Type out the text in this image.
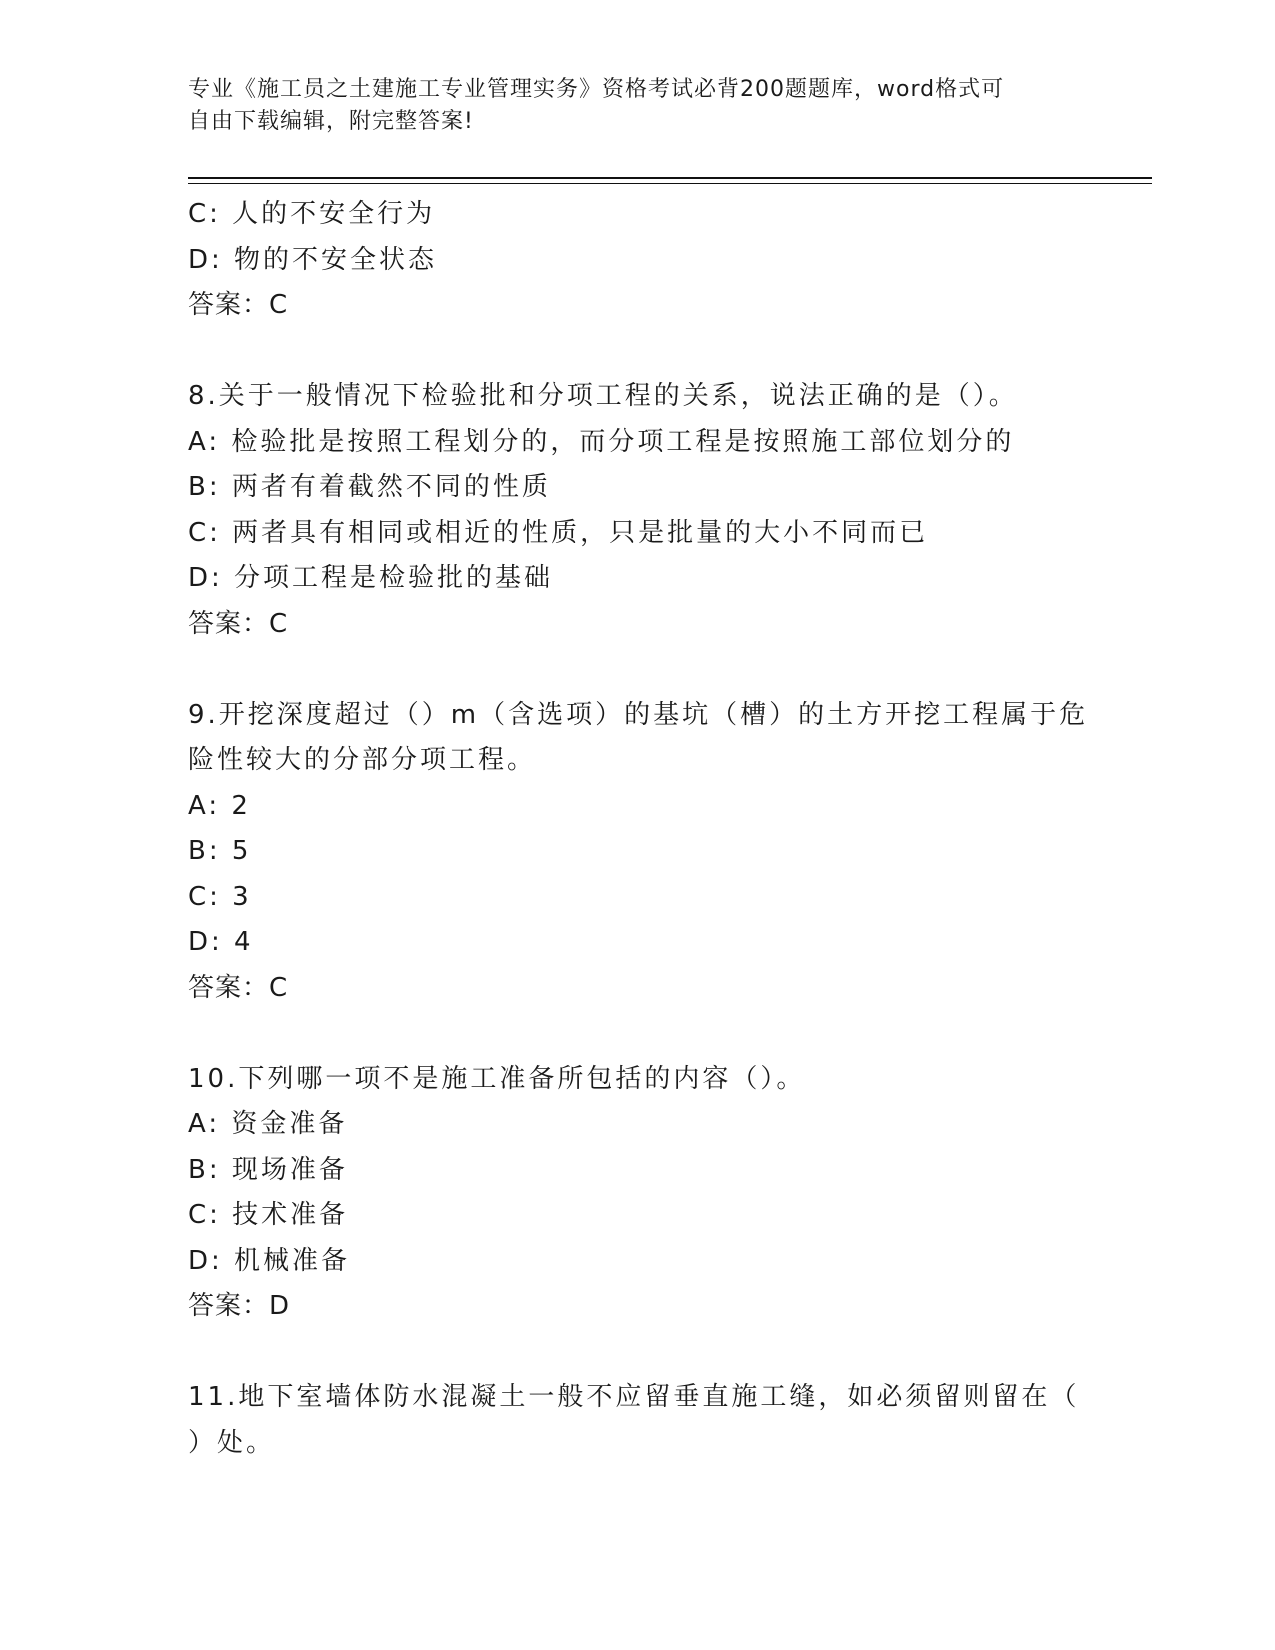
专业《施工员之土建施工专业管理实务》资格考试必背200题题库，word格式可
自由下载编辑，附完整答案!
C: 人的不安全行为
D: 物的不安全状态
答案：C
8.关于一般情况下检验批和分项工程的关系，说法正确的是（）。
A: 检验批是按照工程划分的，而分项工程是按照施工部位划分的
B: 两者有着截然不同的性质
C: 两者具有相同或相近的性质，只是批量的大小不同而已
D: 分项工程是检验批的基础
答案：C
9.开挖深度超过（）m（含选项）的基坑（槽）的土方开挖工程属于危
险性较大的分部分项工程。
A: 2
B: 5
C: 3
D: 4
答案：C
10.下列哪一项不是施工准备所包括的内容（）。
A: 资金准备
B: 现场准备
C: 技术准备
D: 机械准备
答案：D
11.地下室墙体防水混凝土一般不应留垂直施工缝，如必须留则留在（
）处。
